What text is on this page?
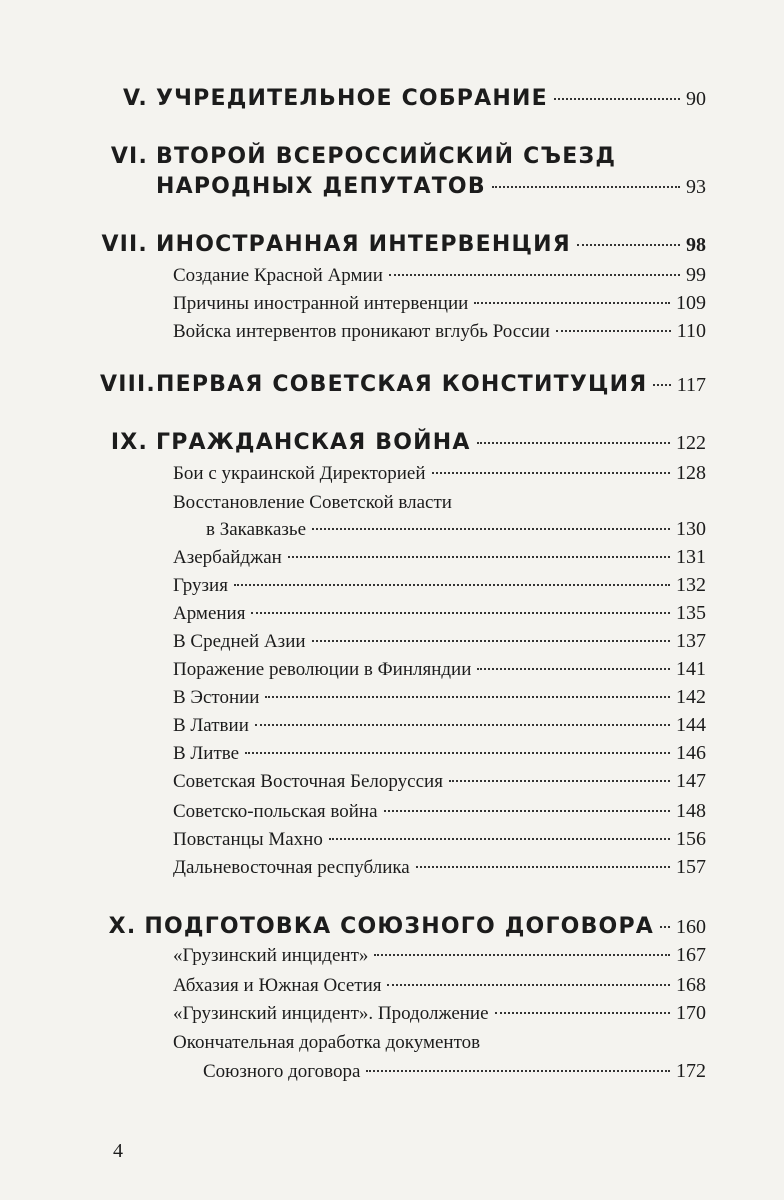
V. УЧРЕДИТЕЛЬНОЕ СОБРАНИЕ	90
VI. ВТОРОЙ ВСЕРОССИЙСКИЙ СЪЕЗД
НАРОДНЫХ ДЕПУТАТОВ	93
VII. ИНОСТРАННАЯ ИНТЕРВЕНЦИЯ	98
Создание Красной Армии	99
Причины иностранной интервенции	109
Войска интервентов проникают вглубь России	110
VIII. ПЕРВАЯ СОВЕТСКАЯ КОНСТИТУЦИЯ 117
IX. ГРАЖДАНСКАЯ ВОЙНА	122
Бои с украинской Директорией	128
Восстановление Советской власти
в Закавказье	130
Азербайджан	131
Грузия	132
Армения	135
В Средней Азии	137
Поражение революции в Финляндии	141
В Эстонии	142
В Латвии	144
В Литве	146
Советская Восточная Белоруссия	147
Советско-польская война	148
Повстанцы Махно	156
Дальневосточная республика	157
X. ПОДГОТОВКА СОЮЗНОГО ДОГОВОРА 160
«Грузинский инцидент»	167
Абхазия и Южная Осетия	168
«Грузинский инцидент». Продолжение	170
Окончательная доработка документов
Союзного договора	172
4
